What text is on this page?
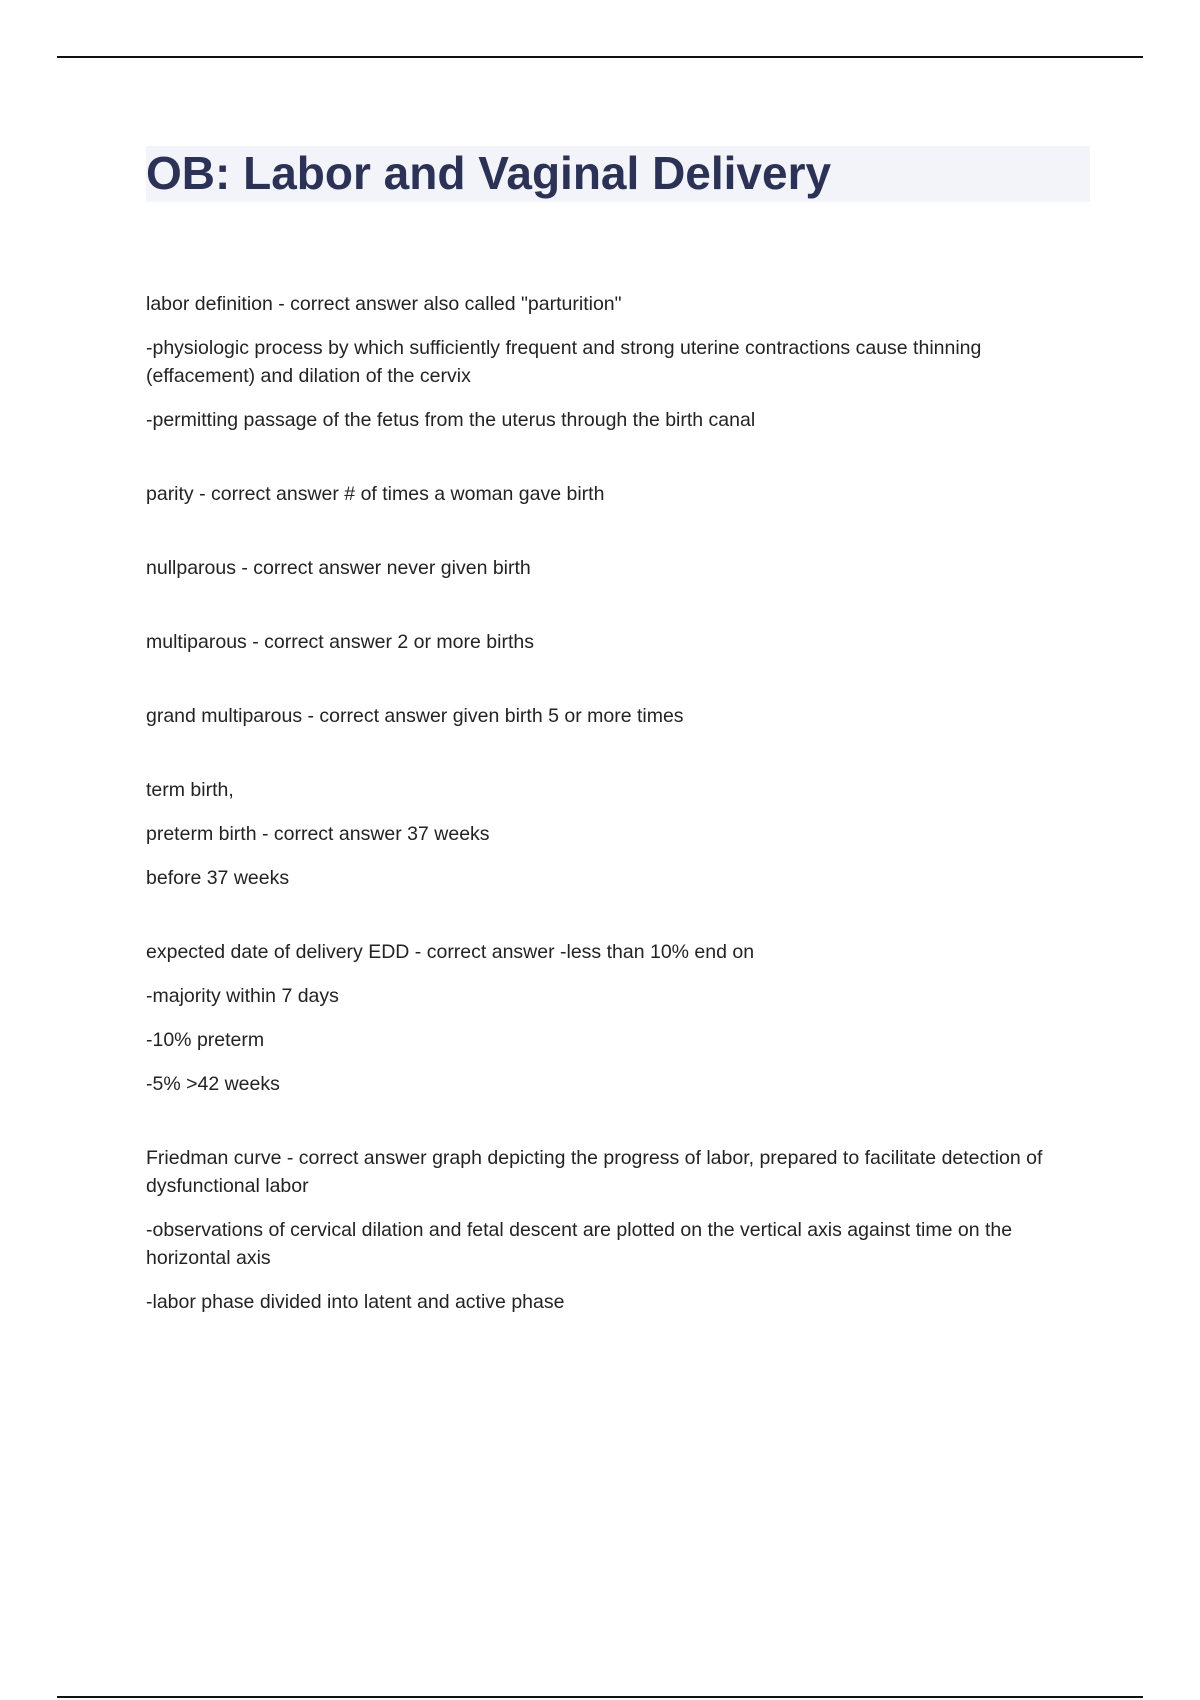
OB: Labor and Vaginal Delivery

labor definition - correct answer also called "parturition"

-physiologic process by which sufficiently frequent and strong uterine contractions cause thinning (effacement) and dilation of the cervix

-permitting passage of the fetus from the uterus through the birth canal

parity - correct answer # of times a woman gave birth

nullparous - correct answer never given birth

multiparous - correct answer 2 or more births

grand multiparous - correct answer given birth 5 or more times

term birth,

preterm birth - correct answer 37 weeks

before 37 weeks

expected date of delivery EDD - correct answer -less than 10% end on

-majority within 7 days

-10% preterm

-5% >42 weeks

Friedman curve - correct answer graph depicting the progress of labor, prepared to facilitate detection of dysfunctional labor

-observations of cervical dilation and fetal descent are plotted on the vertical axis against time on the horizontal axis

-labor phase divided into latent and active phase
